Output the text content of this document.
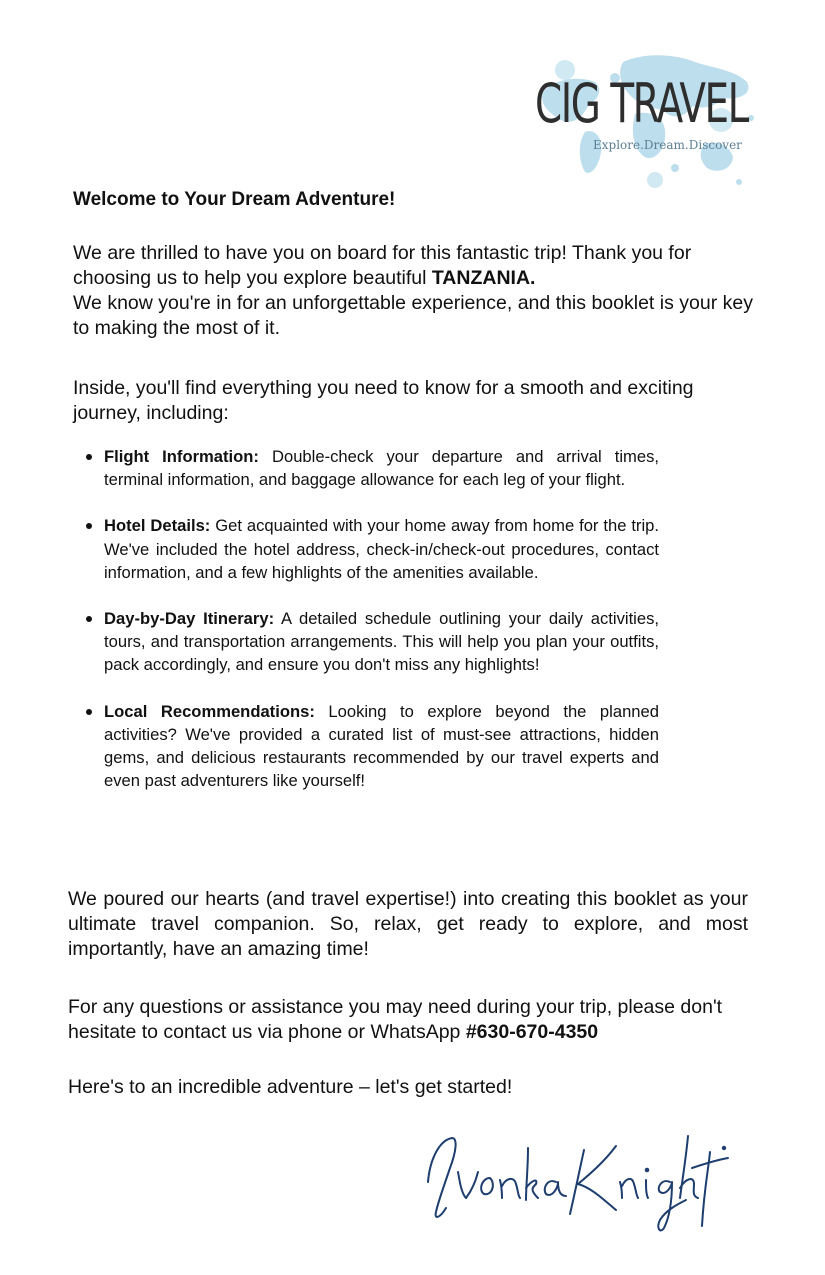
CIG TRAVEL
Explore.Dream.Discover
Welcome to Your Dream Adventure!

We are thrilled to have you on board for this fantastic trip! Thank you for choosing us to help you explore beautiful TANZANIA.

We know you're in for an unforgettable experience, and this booklet is your key to making the most of it.

Inside, you'll find everything you need to know for a smooth and exciting journey, including:

Flight Information: Double-check your departure and arrival times, terminal information, and baggage allowance for each leg of your flight.
Hotel Details: Get acquainted with your home away from home for the trip. We've included the hotel address, check-in/check-out procedures, contact information, and a few highlights of the amenities available.
Day-by-Day Itinerary: A detailed schedule outlining your daily activities, tours, and transportation arrangements. This will help you plan your outfits, pack accordingly, and ensure you don't miss any highlights!
Local Recommendations: Looking to explore beyond the planned activities? We've provided a curated list of must-see attractions, hidden gems, and delicious restaurants recommended by our travel experts and even past adventurers like yourself!

We poured our hearts (and travel expertise!) into creating this booklet as your ultimate travel companion. So, relax, get ready to explore, and most importantly, have an amazing time!

For any questions or assistance you may need during your trip, please don't hesitate to contact us via phone or WhatsApp #630-670-4350

Here's to an incredible adventure – let's get started!
